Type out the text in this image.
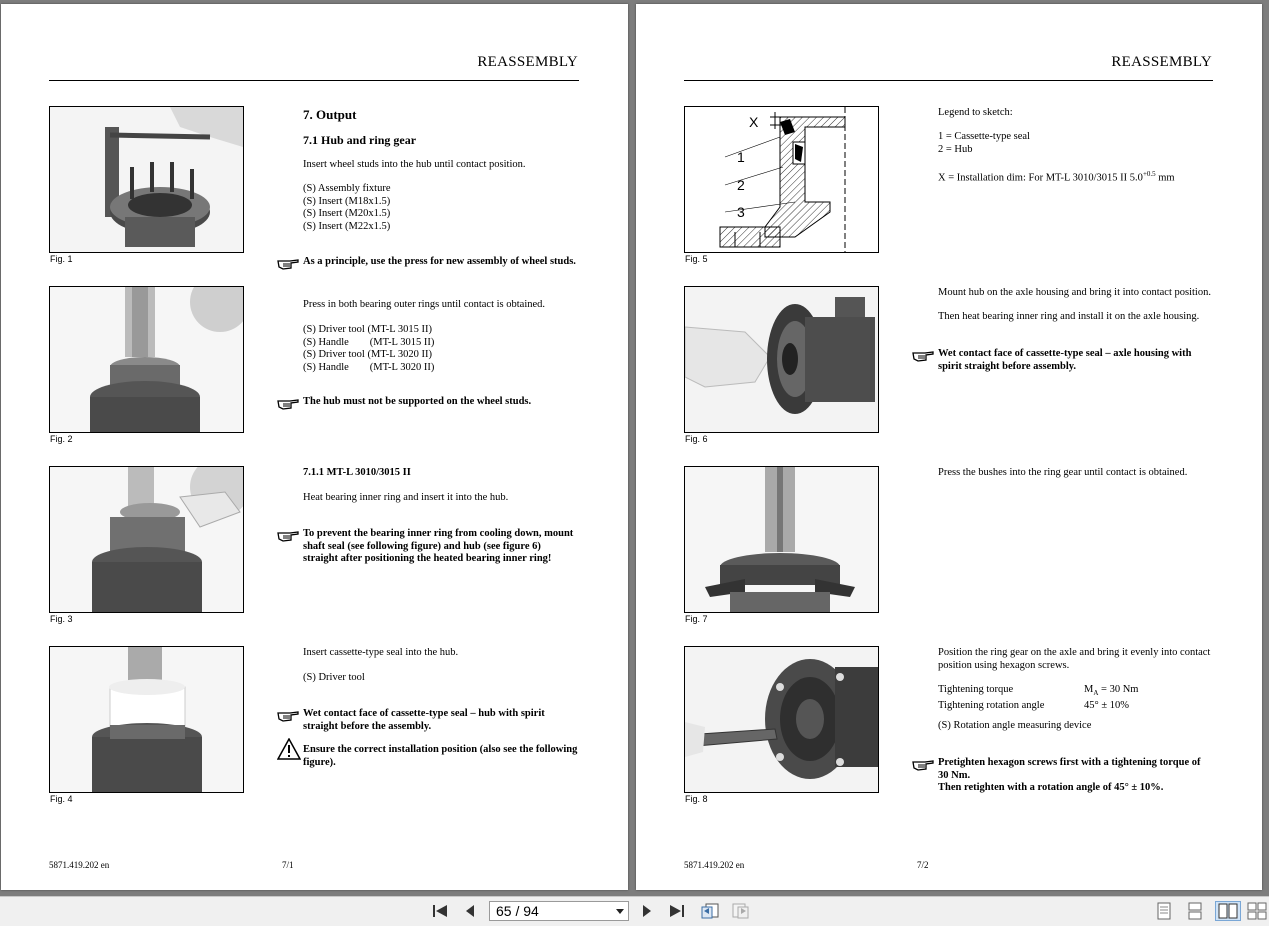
REASSEMBLY
Fig. 1
7. Output
7.1 Hub and ring gear
Insert wheel studs into the hub until contact position.
(S) Assembly fixture
(S) Insert (M18x1.5)
(S) Insert (M20x1.5)
(S) Insert (M22x1.5)
As a principle, use the press for new assembly of wheel studs.
Fig. 2
Press in both bearing outer rings until contact is obtained.
(S) Driver tool (MT-L 3015 II)
(S) Handle        (MT-L 3015 II)
(S) Driver tool (MT-L 3020 II)
(S) Handle        (MT-L 3020 II)
The hub must not be supported on the wheel studs.
Fig. 3
7.1.1 MT-L 3010/3015 II
Heat bearing inner ring and insert it into the hub.
To prevent the bearing inner ring from cooling down, mount
shaft seal (see following figure) and hub (see figure 6)
straight after positioning the heated bearing inner ring!
Fig. 4
Insert cassette-type seal into the hub.
(S) Driver tool
Wet contact face of cassette-type seal – hub with spirit
straight before the assembly.
Ensure the correct installation position (also see the following
figure).
5871.419.202 en	7/1
REASSEMBLY
X
1
2
3
Fig. 5
Legend to sketch:
1 = Cassette-type seal
2 = Hub
X = Installation dim: For MT-L 3010/3015 II $5.0^{+0.5}$ mm
Fig. 6
Mount hub on the axle housing and bring it into contact position.
Then heat bearing inner ring and install it on the axle housing.
Wet contact face of cassette-type seal – axle housing with
spirit straight before assembly.
Fig. 7
Press the bushes into the ring gear until contact is obtained.
Fig. 8
Position the ring gear on the axle and bring it evenly into contact
position using hexagon screws.
Tightening torque	$M_A = 30$ Nm
Tightening rotation angle	45° ± 10%
(S) Rotation angle measuring device
Pretighten hexagon screws first with a tightening torque of
30 Nm.
Then retighten with a rotation angle of 45° ± 10%.
5871.419.202 en	7/2
65 / 94
